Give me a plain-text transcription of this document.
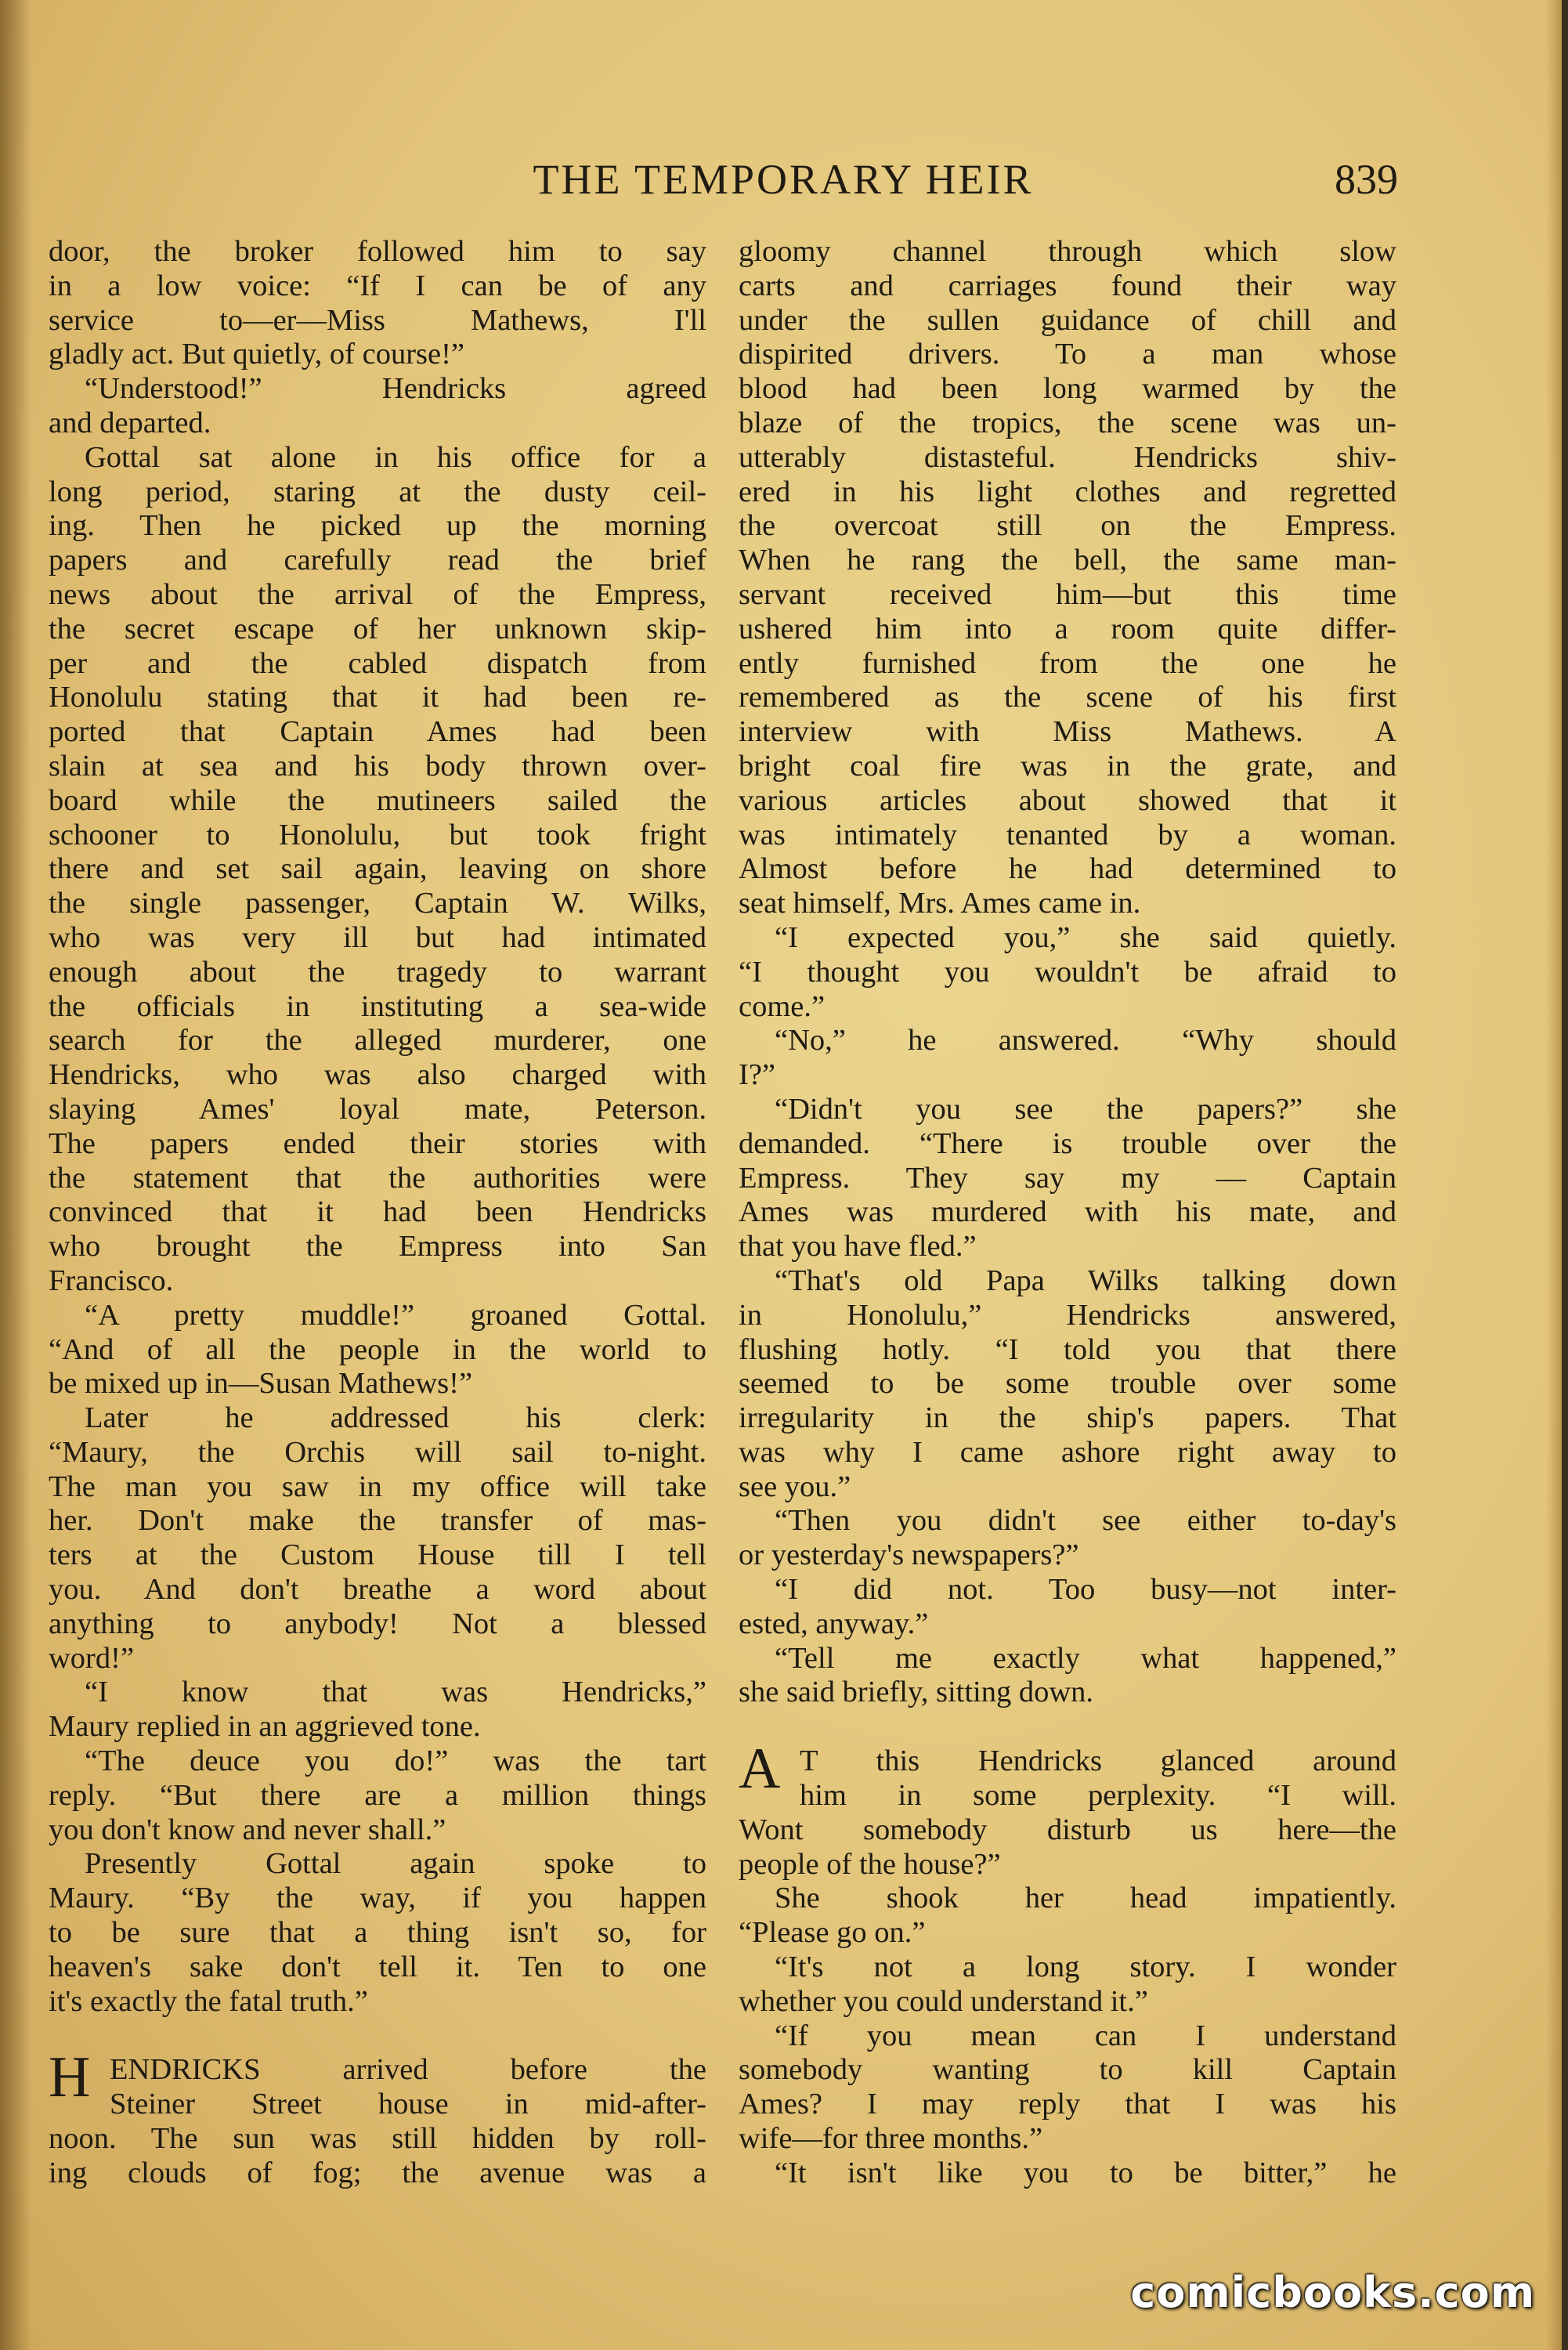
THE TEMPORARY HEIR	839
door, the broker followed him to say
in a low voice: “If I can be of any
service to—er—Miss Mathews, I'll
gladly act. But quietly, of course!”
“Understood!” Hendricks agreed
and departed.
Gottal sat alone in his office for a
long period, staring at the dusty ceil-
ing. Then he picked up the morning
papers and carefully read the brief
news about the arrival of the Empress,
the secret escape of her unknown skip-
per and the cabled dispatch from
Honolulu stating that it had been re-
ported that Captain Ames had been
slain at sea and his body thrown over-
board while the mutineers sailed the
schooner to Honolulu, but took fright
there and set sail again, leaving on shore
the single passenger, Captain W. Wilks,
who was very ill but had intimated
enough about the tragedy to warrant
the officials in instituting a sea-wide
search for the alleged murderer, one
Hendricks, who was also charged with
slaying Ames' loyal mate, Peterson.
The papers ended their stories with
the statement that the authorities were
convinced that it had been Hendricks
who brought the Empress into San
Francisco.
“A pretty muddle!” groaned Gottal.
“And of all the people in the world to
be mixed up in—Susan Mathews!”
Later he addressed his clerk:
“Maury, the Orchis will sail to-night.
The man you saw in my office will take
her. Don't make the transfer of mas-
ters at the Custom House till I tell
you. And don't breathe a word about
anything to anybody! Not a blessed
word!”
“I know that was Hendricks,”
Maury replied in an aggrieved tone.
“The deuce you do!” was the tart
reply. “But there are a million things
you don't know and never shall.”
Presently Gottal again spoke to
Maury. “By the way, if you happen
to be sure that a thing isn't so, for
heaven's sake don't tell it. Ten to one
it's exactly the fatal truth.”
H ENDRICKS arrived before the
Steiner Street house in mid-after-
noon. The sun was still hidden by roll-
ing clouds of fog; the avenue was a
gloomy channel through which slow
carts and carriages found their way
under the sullen guidance of chill and
dispirited drivers. To a man whose
blood had been long warmed by the
blaze of the tropics, the scene was un-
utterably distasteful. Hendricks shiv-
ered in his light clothes and regretted
the overcoat still on the Empress.
When he rang the bell, the same man-
servant received him—but this time
ushered him into a room quite differ-
ently furnished from the one he
remembered as the scene of his first
interview with Miss Mathews. A
bright coal fire was in the grate, and
various articles about showed that it
was intimately tenanted by a woman.
Almost before he had determined to
seat himself, Mrs. Ames came in.
“I expected you,” she said quietly.
“I thought you wouldn't be afraid to
come.”
“No,” he answered. “Why should
I?”
“Didn't you see the papers?” she
demanded. “There is trouble over the
Empress. They say my — Captain
Ames was murdered with his mate, and
that you have fled.”
“That's old Papa Wilks talking down
in Honolulu,” Hendricks answered,
flushing hotly. “I told you that there
seemed to be some trouble over some
irregularity in the ship's papers. That
was why I came ashore right away to
see you.”
“Then you didn't see either to-day's
or yesterday's newspapers?”
“I did not. Too busy—not inter-
ested, anyway.”
“Tell me exactly what happened,”
she said briefly, sitting down.
A T this Hendricks glanced around
him in some perplexity. “I will.
Wont somebody disturb us here—the
people of the house?”
She shook her head impatiently.
“Please go on.”
“It's not a long story. I wonder
whether you could understand it.”
“If you mean can I understand
somebody wanting to kill Captain
Ames? I may reply that I was his
wife—for three months.”
“It isn't like you to be bitter,” he
comicbooks.com
